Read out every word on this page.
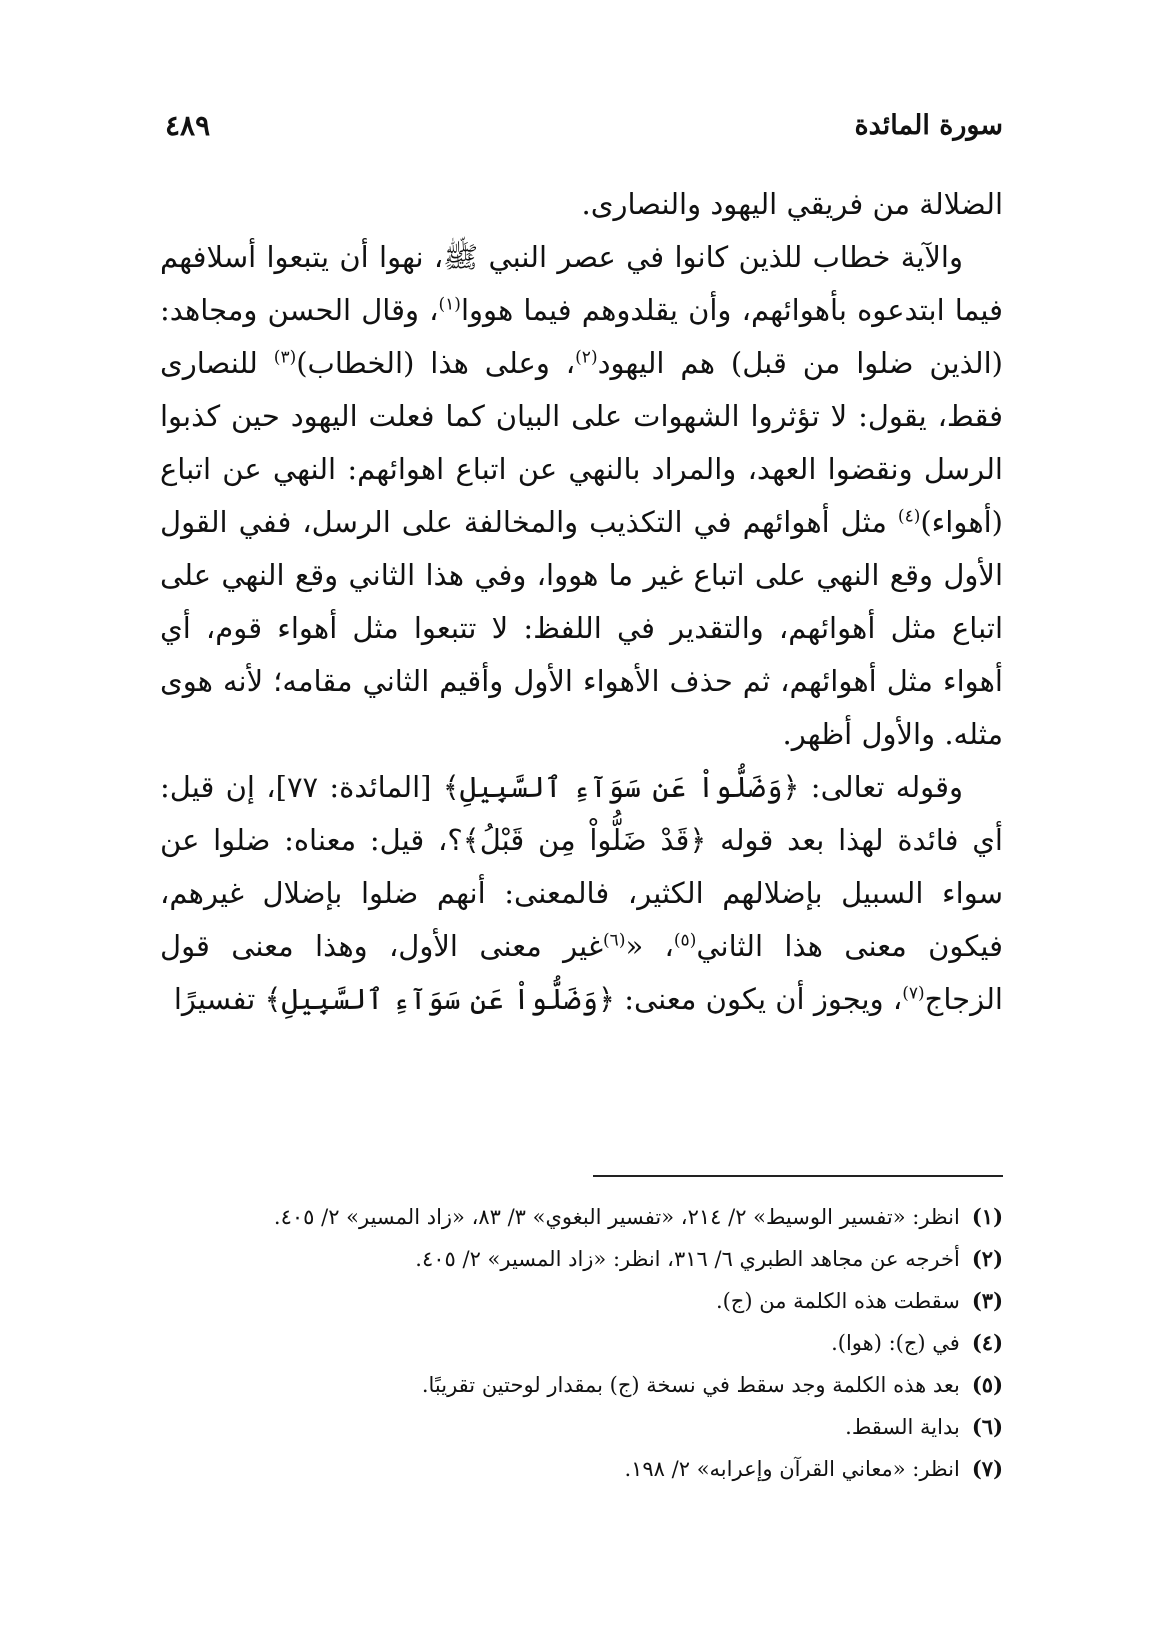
سورة المائدة
٤٨٩

الضلالة من فريقي اليهود والنصارى.

والآية خطاب للذين كانوا في عصر النبي ﷺ، نهوا أن يتبعوا أسلافهم فيما ابتدعوه بأهوائهم، وأن يقلدوهم فيما هووا$^{(١)}$، وقال الحسن ومجاهد: (الذين ضلوا من قبل) هم اليهود$^{(٢)}$، وعلى هذا (الخطاب)$^{(٣)}$ للنصارى فقط، يقول: لا تؤثروا الشهوات على البيان كما فعلت اليهود حين كذبوا الرسل ونقضوا العهد، والمراد بالنهي عن اتباع اهوائهم: النهي عن اتباع (أهواء)$^{(٤)}$ مثل أهوائهم في التكذيب والمخالفة على الرسل، ففي القول الأول وقع النهي على اتباع غير ما هووا، وفي هذا الثاني وقع النهي على اتباع مثل أهوائهم، والتقدير في اللفظ: لا تتبعوا مثل أهواء قوم، أي أهواء مثل أهوائهم، ثم حذف الأهواء الأول وأقيم الثاني مقامه؛ لأنه هوى مثله. والأول أظهر.

وقوله تعالى: ﴿وَضَلُّواْ عَن سَوَآءِ ٱلسَّبِيلِ﴾ [المائدة: ٧٧]، إن قيل: أي فائدة لهذا بعد قوله ﴿قَدْ ضَلُّواْ مِن قَبْلُ﴾؟، قيل: معناه: ضلوا عن سواء السبيل بإضلالهم الكثير، فالمعنى: أنهم ضلوا بإضلال غيرهم، فيكون معنى هذا الثاني$^{(٥)}$، «$^{(٦)}$غير معنى الأول، وهذا معنى قول الزجاج$^{(٧)}$، ويجوز أن يكون معنى: ﴿وَضَلُّواْ عَن سَوَآءِ ٱلسَّبِيلِ﴾ تفسيرًا

(١)
انظر: «تفسير الوسيط» ٢/ ٢١٤، «تفسير البغوي» ٣/ ٨٣، «زاد المسير» ٢/ ٤٠٥.
(٢)
أخرجه عن مجاهد الطبري ٦/ ٣١٦، انظر: «زاد المسير» ٢/ ٤٠٥.
(٣)
سقطت هذه الكلمة من (ج).
(٤)
في (ج): (هوا).
(٥)
بعد هذه الكلمة وجد سقط في نسخة (ج) بمقدار لوحتين تقريبًا.
(٦)
بداية السقط.
(٧)
انظر: «معاني القرآن وإعرابه» ٢/ ١٩٨.
